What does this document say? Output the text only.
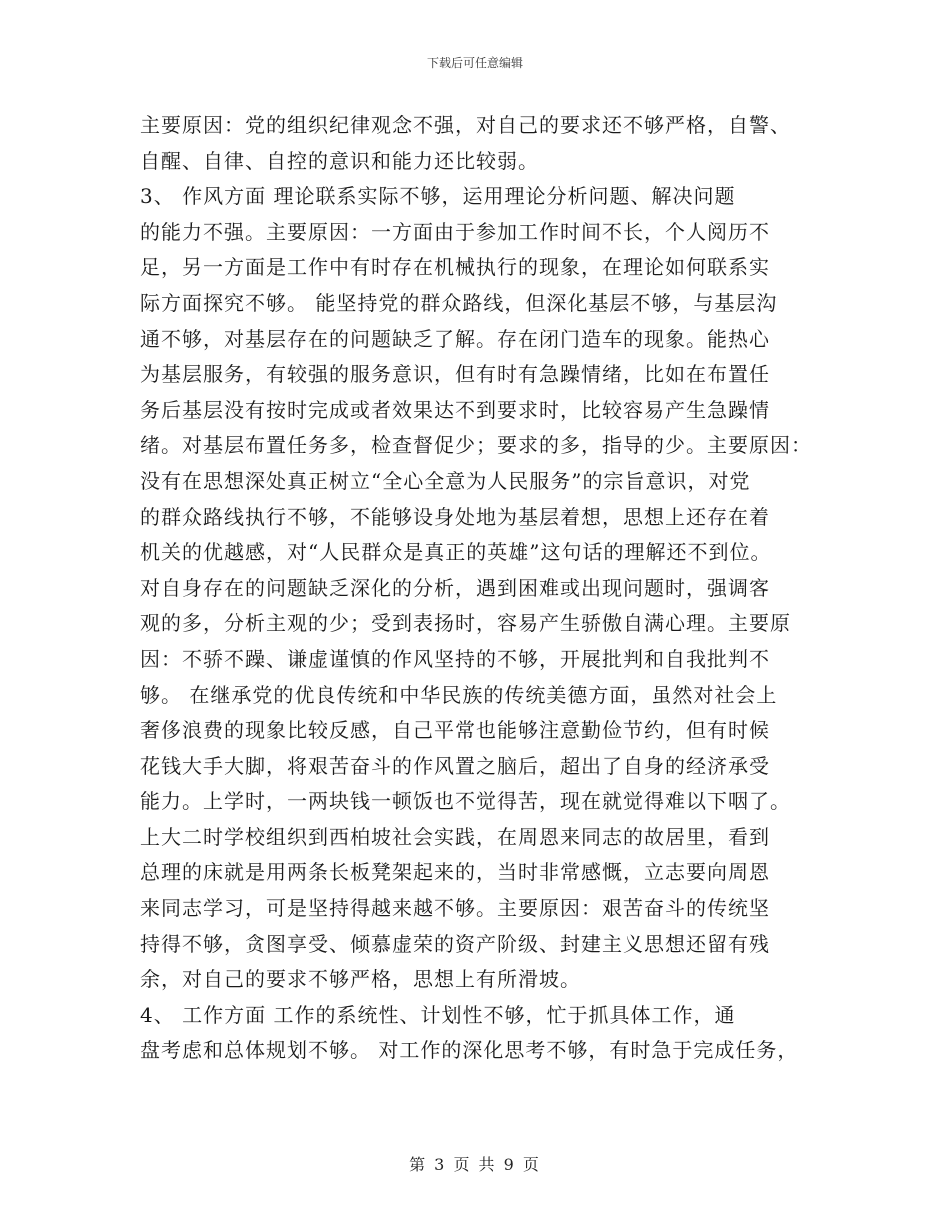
下载后可任意编辑
主要原因：党的组织纪律观念不强，对自己的要求还不够严格，自警、
自醒、自律、自控的意识和能力还比较弱。
3、 作风方面 理论联系实际不够，运用理论分析问题、解决问题
的能力不强。主要原因：一方面由于参加工作时间不长，个人阅历不
足，另一方面是工作中有时存在机械执行的现象，在理论如何联系实
际方面探究不够。 能坚持党的群众路线，但深化基层不够，与基层沟
通不够，对基层存在的问题缺乏了解。存在闭门造车的现象。能热心
为基层服务，有较强的服务意识，但有时有急躁情绪，比如在布置任
务后基层没有按时完成或者效果达不到要求时，比较容易产生急躁情
绪。对基层布置任务多，检查督促少；要求的多，指导的少。主要原因：
没有在思想深处真正树立“全心全意为人民服务”的宗旨意识，对党
的群众路线执行不够，不能够设身处地为基层着想，思想上还存在着
机关的优越感，对“人民群众是真正的英雄”这句话的理解还不到位。
对自身存在的问题缺乏深化的分析，遇到困难或出现问题时，强调客
观的多，分析主观的少；受到表扬时，容易产生骄傲自满心理。主要原
因：不骄不躁、谦虚谨慎的作风坚持的不够，开展批判和自我批判不
够。 在继承党的优良传统和中华民族的传统美德方面，虽然对社会上
奢侈浪费的现象比较反感，自己平常也能够注意勤俭节约，但有时候
花钱大手大脚，将艰苦奋斗的作风置之脑后，超出了自身的经济承受
能力。上学时，一两块钱一顿饭也不觉得苦，现在就觉得难以下咽了。
上大二时学校组织到西柏坡社会实践，在周恩来同志的故居里，看到
总理的床就是用两条长板凳架起来的，当时非常感慨，立志要向周恩
来同志学习，可是坚持得越来越不够。主要原因：艰苦奋斗的传统坚
持得不够，贪图享受、倾慕虚荣的资产阶级、封建主义思想还留有残
余，对自己的要求不够严格，思想上有所滑坡。
4、 工作方面 工作的系统性、计划性不够，忙于抓具体工作，通
盘考虑和总体规划不够。 对工作的深化思考不够，有时急于完成任务，
第 3 页 共 9 页
